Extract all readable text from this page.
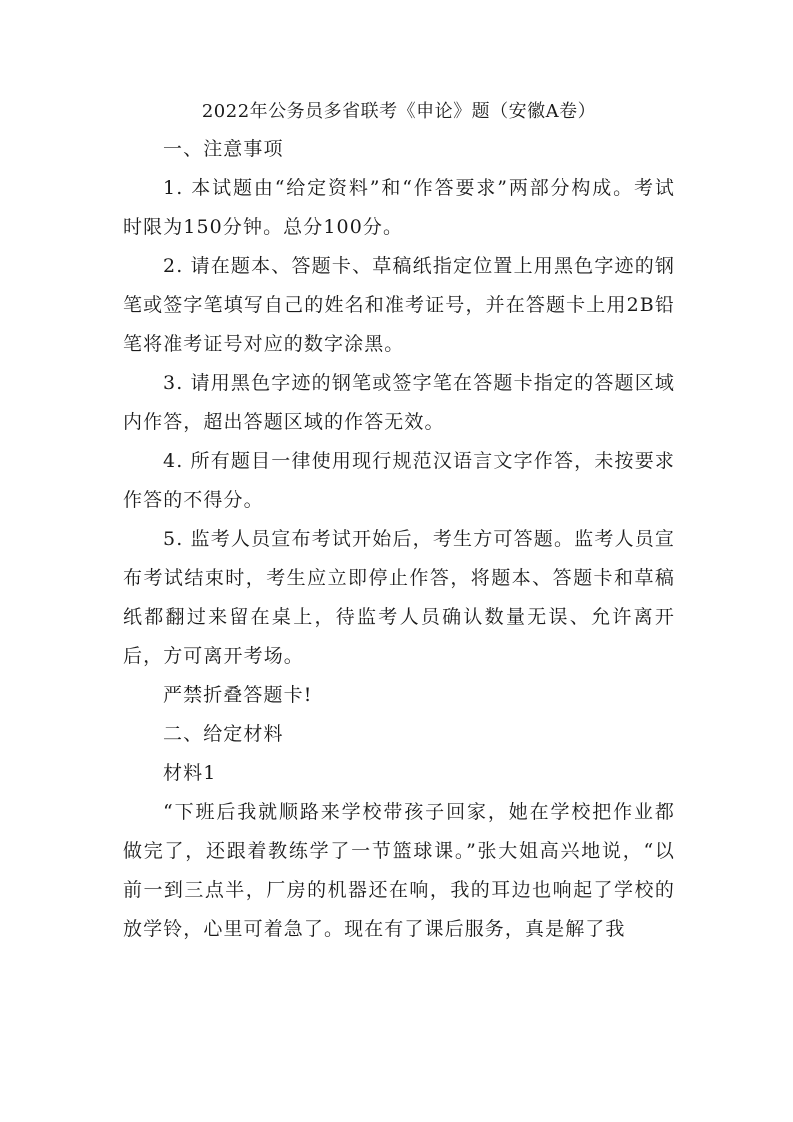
2022年公务员多省联考《申论》题（安徽A卷）

一、注意事项

1. 本试题由“给定资料”和“作答要求”两部分构成。考试时限为150分钟。总分100分。

2. 请在题本、答题卡、草稿纸指定位置上用黑色字迹的钢笔或签字笔填写自己的姓名和准考证号，并在答题卡上用2B铅笔将准考证号对应的数字涂黑。

3. 请用黑色字迹的钢笔或签字笔在答题卡指定的答题区域内作答，超出答题区域的作答无效。

4. 所有题目一律使用现行规范汉语言文字作答，未按要求作答的不得分。

5. 监考人员宣布考试开始后，考生方可答题。监考人员宣布考试结束时，考生应立即停止作答，将题本、答题卡和草稿纸都翻过来留在桌上，待监考人员确认数量无误、允许离开后，方可离开考场。

严禁折叠答题卡!

二、给定材料

材料1

“下班后我就顺路来学校带孩子回家，她在学校把作业都做完了，还跟着教练学了一节篮球课。”张大姐高兴地说，“以前一到三点半，厂房的机器还在响，我的耳边也响起了学校的放学铃，心里可着急了。现在有了课后服务，真是解了我
